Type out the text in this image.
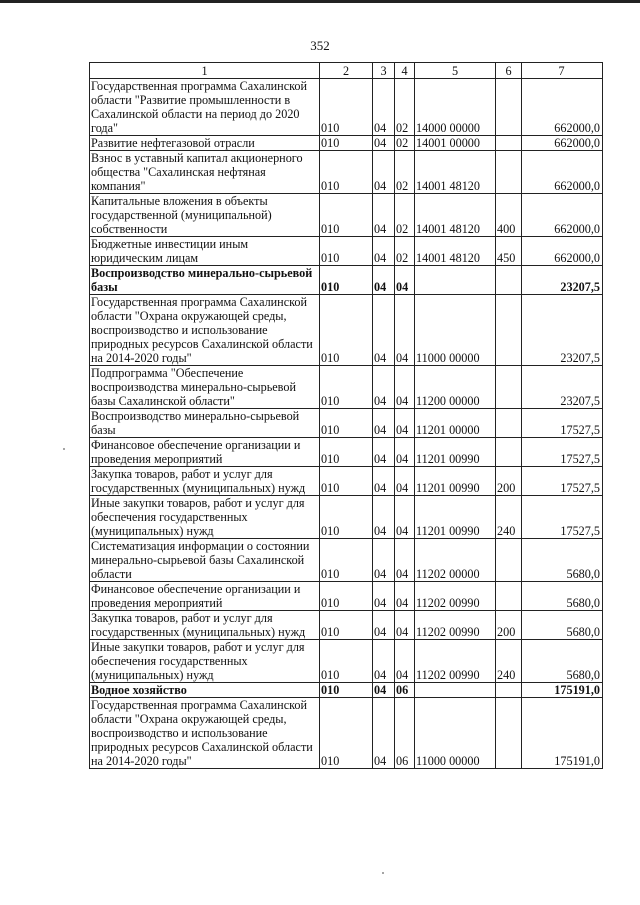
352
1	2	3	4	5	6	7
Государственная программа Сахалинской области "Развитие промышленности в Сахалинской области на период до 2020 года"	010	04	02	14000 00000		662000,0
Развитие нефтегазовой отрасли	010	04	02	14001 00000		662000,0
Взнос в уставный капитал акционерного общества "Сахалинская нефтяная компания"	010	04	02	14001 48120		662000,0
Капитальные вложения в объекты государственной (муниципальной) собственности	010	04	02	14001 48120	400	662000,0
Бюджетные инвестиции иным юридическим лицам	010	04	02	14001 48120	450	662000,0
Воспроизводство минерально-сырьевой базы	010	04	04			23207,5
Государственная программа Сахалинской области "Охрана окружающей среды, воспроизводство и использование природных ресурсов Сахалинской области на 2014-2020 годы"	010	04	04	11000 00000		23207,5
Подпрограмма "Обеспечение воспроизводства минерально-сырьевой базы Сахалинской области"	010	04	04	11200 00000		23207,5
Воспроизводство минерально-сырьевой базы	010	04	04	11201 00000		17527,5
Финансовое обеспечение организации и проведения мероприятий	010	04	04	11201 00990		17527,5
Закупка товаров, работ и услуг для государственных (муниципальных) нужд	010	04	04	11201 00990	200	17527,5
Иные закупки товаров, работ и услуг для обеспечения государственных (муниципальных) нужд	010	04	04	11201 00990	240	17527,5
Систематизация информации о состоянии минерально-сырьевой базы Сахалинской области	010	04	04	11202 00000		5680,0
Финансовое обеспечение организации и проведения мероприятий	010	04	04	11202 00990		5680,0
Закупка товаров, работ и услуг для государственных (муниципальных) нужд	010	04	04	11202 00990	200	5680,0
Иные закупки товаров, работ и услуг для обеспечения государственных (муниципальных) нужд	010	04	04	11202 00990	240	5680,0
Водное хозяйство	010	04	06			175191,0
Государственная программа Сахалинской области "Охрана окружающей среды, воспроизводство и использование природных ресурсов Сахалинской области на 2014-2020 годы"	010	04	06	11000 00000		175191,0
